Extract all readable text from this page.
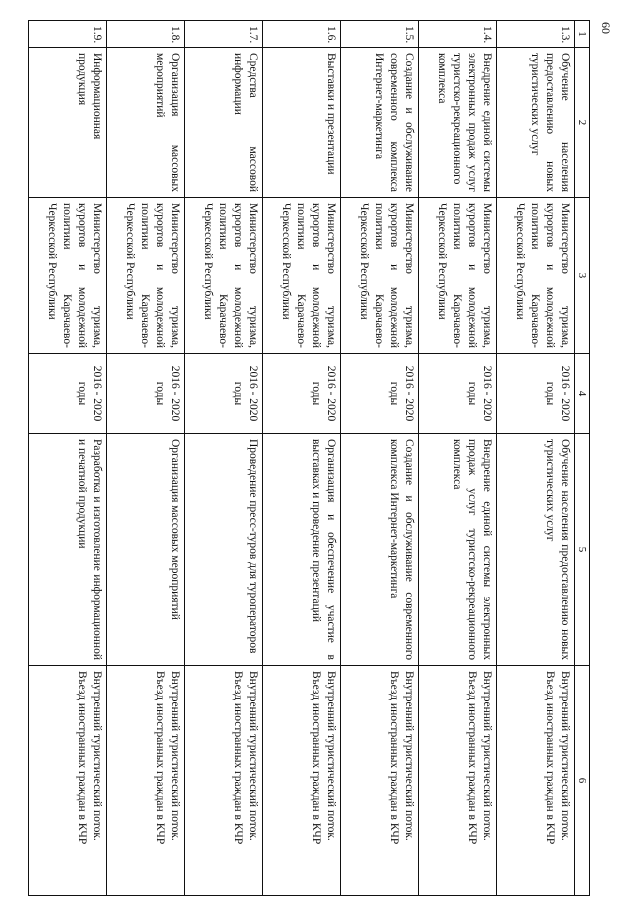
60
1	2	3	4	5	6
1.3.	Обучение населения предоставлению новых туристических услуг	Министерство туризма, курортов и молодежной политики Карачаево-Черкесской Республики	2016 - 2020 годы	Обучение населения предоставлению новых туристических услуг	Внутренний туристический поток.
Въезд иностранных граждан в КЧР

1.4.	Внедрение единой системы электронных продаж услуг туристско-рекреационного комплекса	Министерство туризма, курортов и молодежной политики Карачаево-Черкесской Республики	2016 - 2020 годы	Внедрение единой системы электронных продаж услуг туристско-рекреационного комплекса	Внутренний туристический поток.
Въезд иностранных граждан в КЧР

1.5.	Создание и обслуживание современного комплекса Интернет-маркетинга	Министерство туризма, курортов и молодежной политики Карачаево-Черкесской Республики	2016 - 2020 годы	Создание и обслуживание современного комплекса Интернет-маркетинга	Внутренний туристический поток.
Въезд иностранных граждан в КЧР

1.6.	Выставки и презентации	Министерство туризма, курортов и молодежной политики Карачаево-Черкесской Республики	2016 - 2020 годы	Организация и обеспечение участие в выставках и проведение презентаций	Внутренний туристический поток.
Въезд иностранных граждан в КЧР

1.7.	Средства массовой информации	Министерство туризма, курортов и молодежной политики Карачаево-Черкесской Республики	2016 - 2020 годы	Проведение пресс-туров для туроператоров	Внутренний туристический поток.
Въезд иностранных граждан в КЧР

1.8.	Организация массовых мероприятий	Министерство туризма, курортов и молодежной политики Карачаево-Черкесской Республики	2016 - 2020 годы	Организация массовых мероприятий	Внутренний туристический поток.
Въезд иностранных граждан в КЧР

1.9.	Информационная продукция	Министерство туризма, курортов и молодежной политики Карачаево-Черкесской Республики	2016 - 2020 годы	Разработка и изготовление информационной и печатной продукции	Внутренний туристический поток.
Въезд иностранных граждан в КЧР
